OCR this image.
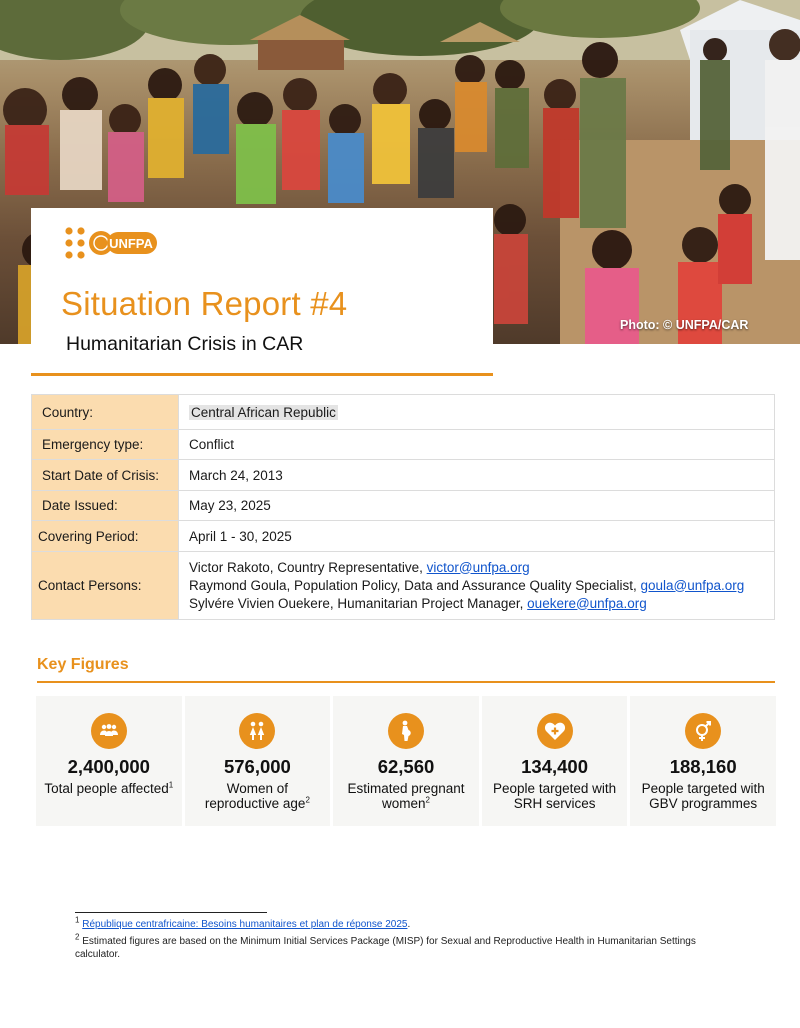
Photo: © UNFPA/CAR
UNFPA
Situation Report #4
Humanitarian Crisis in CAR
Country:	Central African Republic
Emergency type:	Conflict
Start Date of Crisis:	March 24, 2013
Date Issued:	May 23, 2025
Covering Period:	April 1 - 30, 2025
Contact Persons:	Victor Rakoto, Country Representative, victor@unfpa.org
Raymond Goula, Population Policy, Data and Assurance Quality Specialist, goula@unfpa.org
Sylvére Vivien Ouekere, Humanitarian Project Manager, ouekere@unfpa.org
Key Figures
2,400,000
Total people affected$^1$
576,000
Women of reproductive age$^2$
62,560
Estimated pregnant women$^2$
134,400
People targeted with SRH services
188,160
People targeted with GBV programmes
$^1$ République centrafricaine: Besoins humanitaires et plan de réponse 2025.
$^2$ Estimated figures are based on the Minimum Initial Services Package (MISP) for Sexual and Reproductive Health in Humanitarian Settings calculator.
